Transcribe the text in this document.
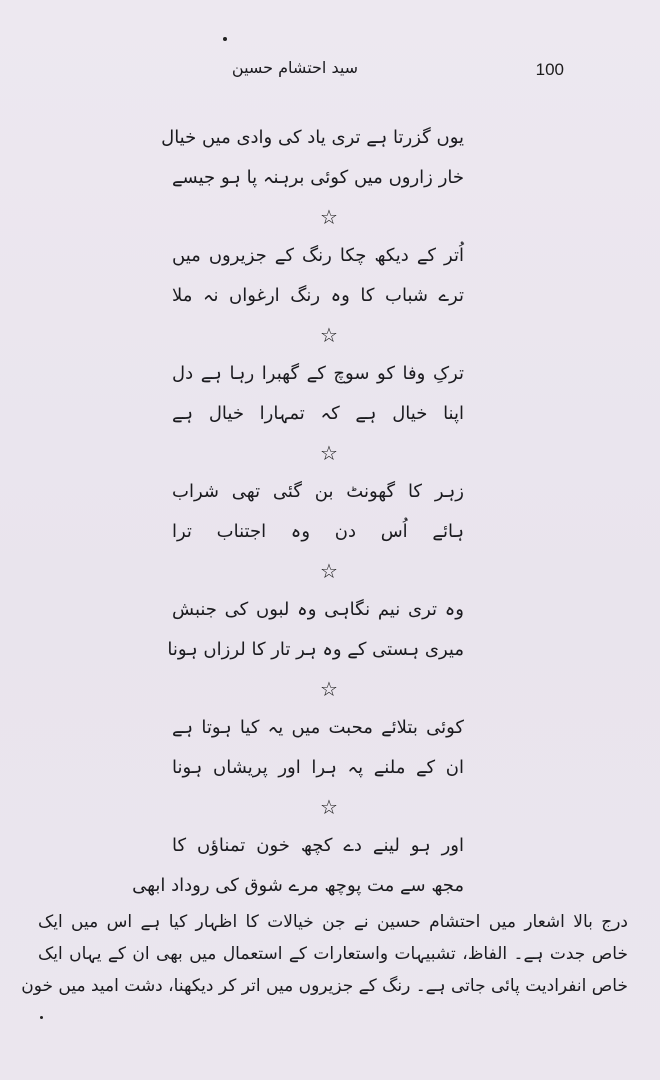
سید احتشام حسین	100
یوں گزرتا ہے تری یاد کی وادی میں خیال
خار زاروں میں کوئی برہنہ پا ہو جیسے
☆
اُتر کے دیکھ چکا رنگ کے جزیروں میں
ترے شباب کا وہ رنگ ارغواں نہ ملا
☆
ترکِ وفا کو سوچ کے گھبرا رہا ہے دل
اپنا خیال ہے کہ تمہارا خیال ہے
☆
زہر کا گھونٹ بن گئی تھی شراب
ہائے اُس دن وہ اجتناب ترا
☆
وہ تری نیم نگاہی وہ لبوں کی جنبش
میری ہستی کے وہ ہر تار کا لرزاں ہونا
☆
کوئی بتلائے محبت میں یہ کیا ہوتا ہے
ان کے ملنے پہ ہرا اور پریشاں ہونا
☆
اور ہو لینے دے کچھ خون تمناؤں کا
مجھ سے مت پوچھ مرے شوق کی روداد ابھی
درج بالا اشعار میں احتشام حسین نے جن خیالات کا اظہار کیا ہے اس میں ایک
خاص جدت ہے۔ الفاظ، تشبیہات واستعارات کے استعمال میں بھی ان کے یہاں ایک
خاص انفرادیت پائی جاتی ہے۔ رنگ کے جزیروں میں اتر کر دیکھنا، دشت امید میں خون
